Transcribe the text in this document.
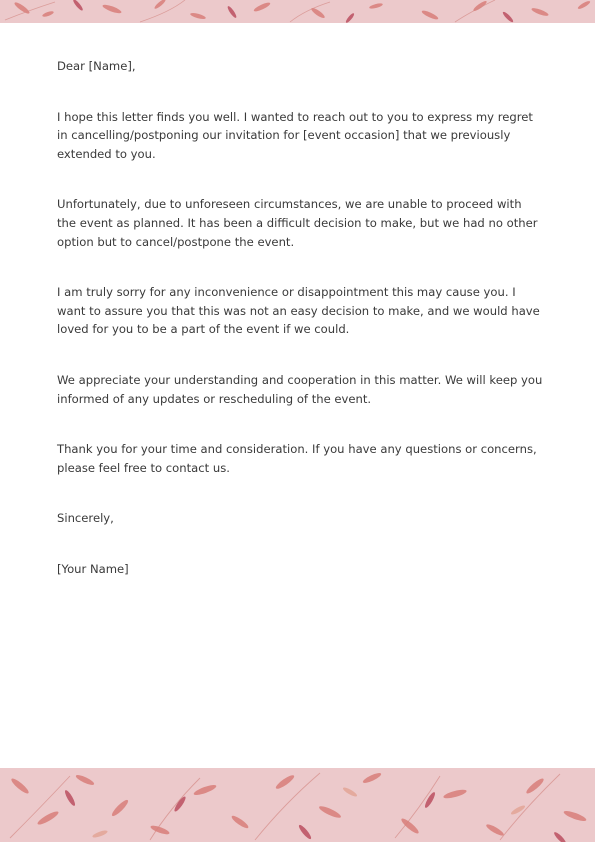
Dear [Name],

I hope this letter finds you well. I wanted to reach out to you to express my regret in cancelling/postponing our invitation for [event occasion] that we previously extended to you.

Unfortunately, due to unforeseen circumstances, we are unable to proceed with the event as planned. It has been a difficult decision to make, but we had no other option but to cancel/postpone the event.

I am truly sorry for any inconvenience or disappointment this may cause you. I want to assure you that this was not an easy decision to make, and we would have loved for you to be a part of the event if we could.

We appreciate your understanding and cooperation in this matter. We will keep you informed of any updates or rescheduling of the event.

Thank you for your time and consideration. If you have any questions or concerns, please feel free to contact us.

Sincerely,

[Your Name]
